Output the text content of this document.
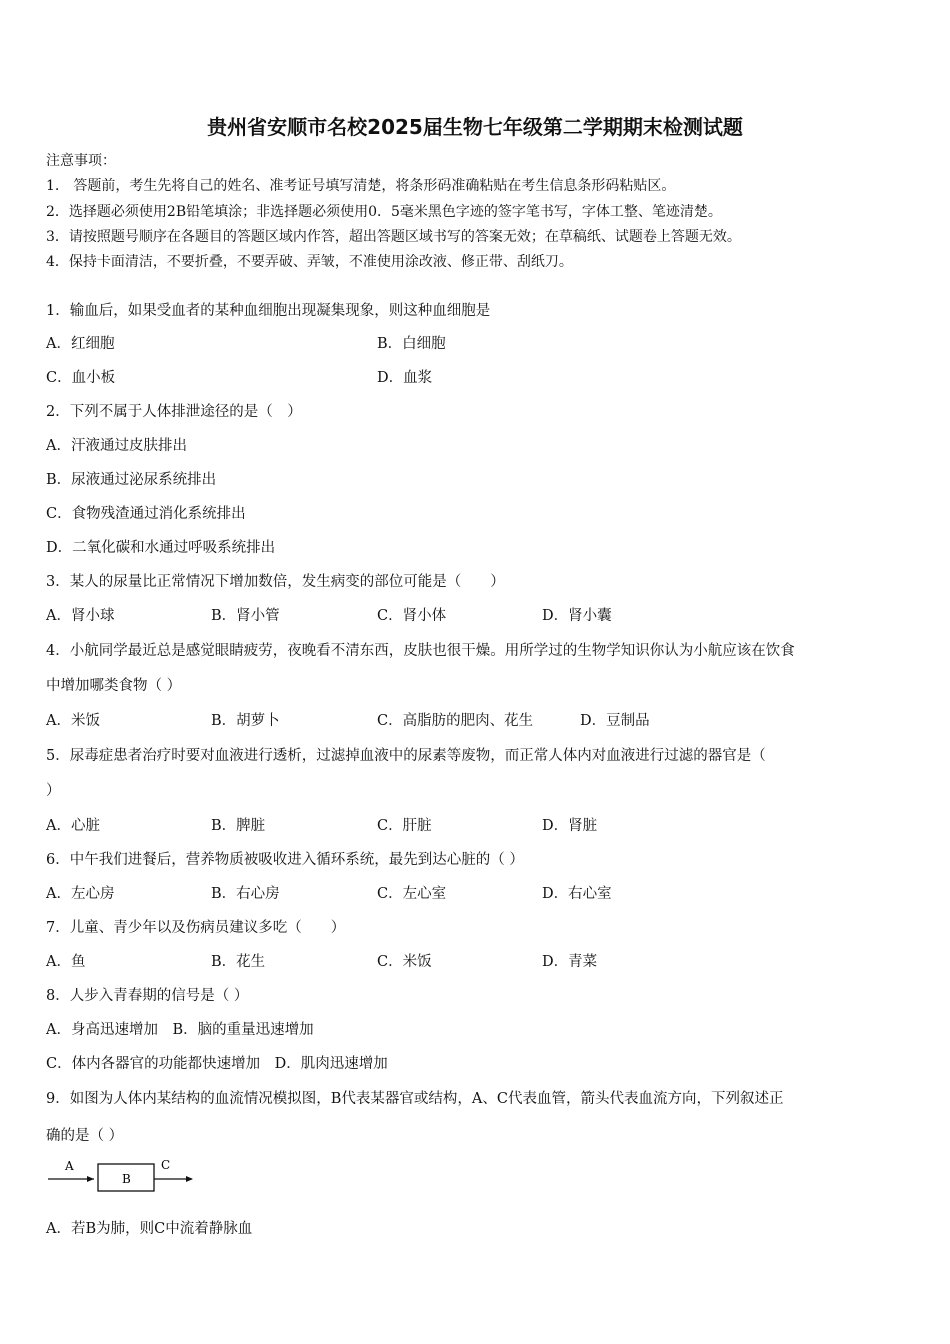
贵州省安顺市名校2025届生物七年级第二学期期末检测试题
注意事项：
1.　答题前，考生先将自己的姓名、准考证号填写清楚，将条形码准确粘贴在考生信息条形码粘贴区。
2．选择题必须使用2B铅笔填涂；非选择题必须使用0．5毫米黑色字迹的签字笔书写，字体工整、笔迹清楚。
3．请按照题号顺序在各题目的答题区域内作答，超出答题区域书写的答案无效；在草稿纸、试题卷上答题无效。
4．保持卡面清洁，不要折叠，不要弄破、弄皱，不准使用涂改液、修正带、刮纸刀。
1．输血后，如果受血者的某种血细胞出现凝集现象，则这种血细胞是
A．红细胞	B．白细胞
C．血小板	D．血浆
2．下列不属于人体排泄途径的是（　）
A．汗液通过皮肤排出
B．尿液通过泌尿系统排出
C．食物残渣通过消化系统排出
D．二氧化碳和水通过呼吸系统排出
3．某人的尿量比正常情况下增加数倍，发生病变的部位可能是（　　）
A．肾小球	B．肾小管	C．肾小体	D．肾小囊
4．小航同学最近总是感觉眼睛疲劳，夜晚看不清东西，皮肤也很干燥。用所学过的生物学知识你认为小航应该在饮食
中增加哪类食物（ ）
A．米饭	B．胡萝卜	C．高脂肪的肥肉、花生	D．豆制品
5．尿毒症患者治疗时要对血液进行透析，过滤掉血液中的尿素等废物，而正常人体内对血液进行过滤的器官是（
）
A．心脏	B．脾脏	C．肝脏	D．肾脏
6．中午我们进餐后，营养物质被吸收进入循环系统，最先到达心脏的（ ）
A．左心房	B．右心房	C．左心室	D．右心室
7．儿童、青少年以及伤病员建议多吃（　　）
A．鱼	B．花生	C．米饭	D．青菜
8．人步入青春期的信号是（ ）
A．身高迅速增加　B．脑的重量迅速增加
C．体内各器官的功能都快速增加　D．肌肉迅速增加
9．如图为人体内某结构的血流情况模拟图，B代表某器官或结构，A、C代表血管，箭头代表血流方向，下列叙述正
确的是（ ）
A
B
C
A．若B为肺，则C中流着静脉血
